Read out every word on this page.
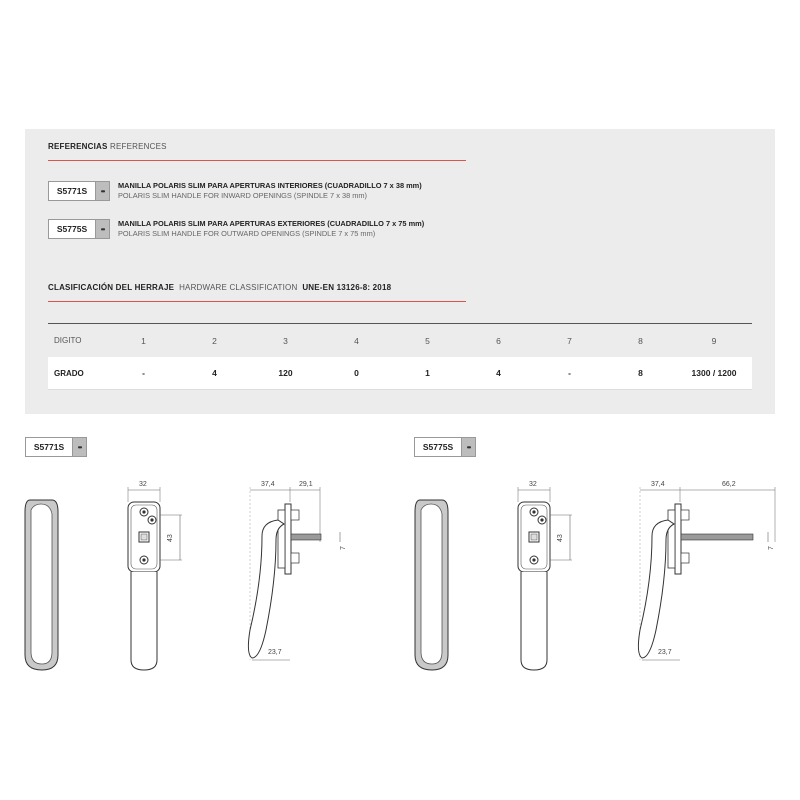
REFERENCIAS REFERENCES
S5771S	••
MANILLA POLARIS SLIM PARA APERTURAS INTERIORES (CUADRADILLO 7 x 38 mm)
POLARIS SLIM HANDLE FOR INWARD OPENINGS (SPINDLE 7 x 38 mm)
S5775S	••
MANILLA POLARIS SLIM PARA APERTURAS EXTERIORES (CUADRADILLO 7 x 75 mm)
POLARIS SLIM HANDLE FOR OUTWARD OPENINGS (SPINDLE 7 x 75 mm)
CLASIFICACIÓN DEL HERRAJE HARDWARE CLASSIFICATION UNE-EN 13126-8: 2018
DIGITO	1	2	3	4	5	6	7	8	9
GRADO	-	4	120	0	1	4	-	8	1300 / 1200
S5771S	••	S5775S	••
32
43
37,4	29,1
7
23,7
32
43
37,4	66,2
7
23,7
